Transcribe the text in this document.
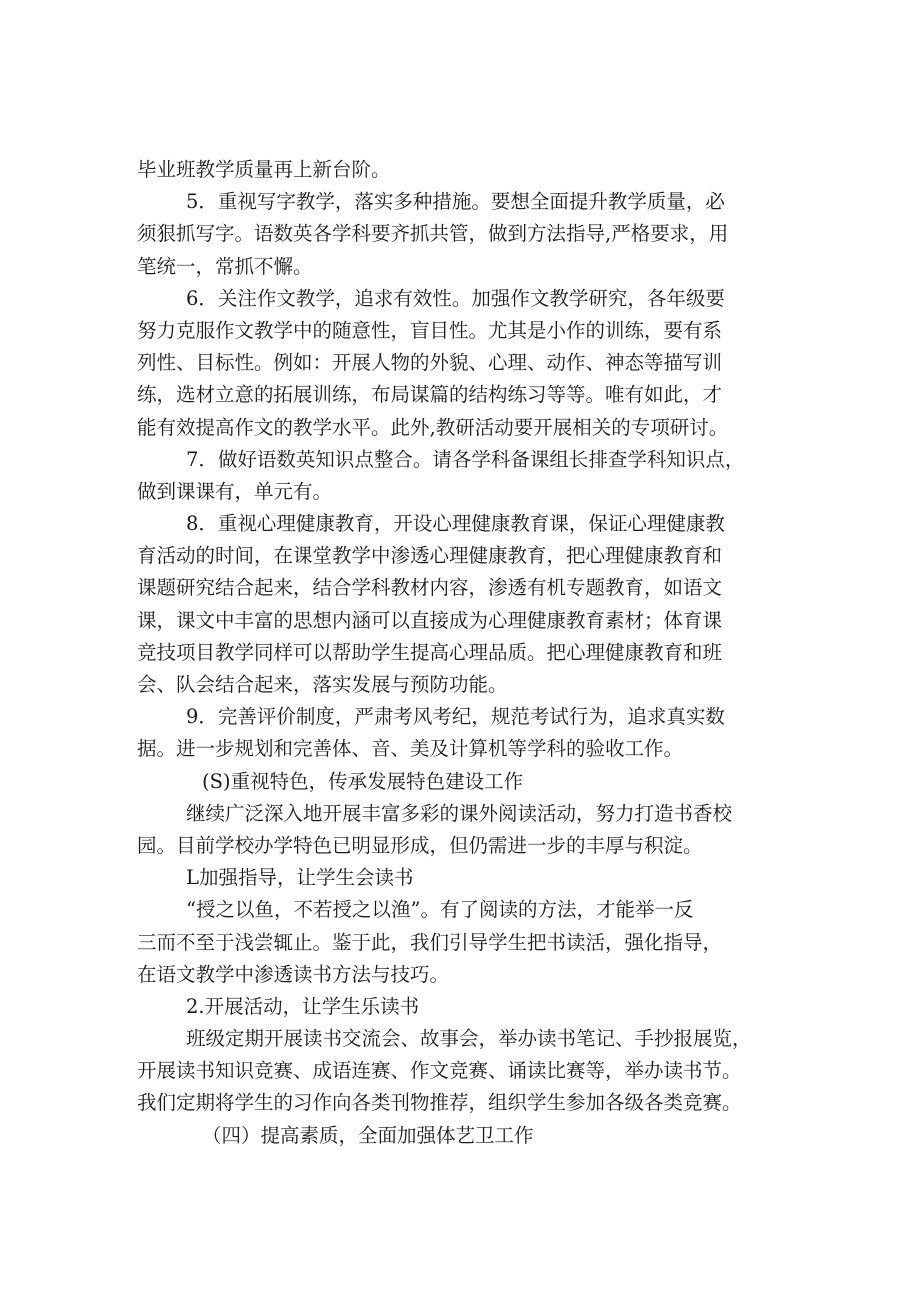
毕业班教学质量再上新台阶。
5．重视写字教学，落实多种措施。要想全面提升教学质量，必
须狠抓写字。语数英各学科要齐抓共管，做到方法指导,严格要求，用
笔统一，常抓不懈。
6．关注作文教学，追求有效性。加强作文教学研究，各年级要
努力克服作文教学中的随意性，盲目性。尤其是小作的训练，要有系
列性、目标性。例如：开展人物的外貌、心理、动作、神态等描写训
练，选材立意的拓展训练，布局谋篇的结构练习等等。唯有如此，才
能有效提高作文的教学水平。此外,教研活动要开展相关的专项研讨。
7．做好语数英知识点整合。请各学科备课组长排查学科知识点，
做到课课有，单元有。
8．重视心理健康教育，开设心理健康教育课，保证心理健康教
育活动的时间，在课堂教学中渗透心理健康教育，把心理健康教育和
课题研究结合起来，结合学科教材内容，渗透有机专题教育，如语文
课，课文中丰富的思想内涵可以直接成为心理健康教育素材；体育课
竞技项目教学同样可以帮助学生提高心理品质。把心理健康教育和班
会、队会结合起来，落实发展与预防功能。
9．完善评价制度，严肃考风考纪，规范考试行为，追求真实数
据。进一步规划和完善体、音、美及计算机等学科的验收工作。
(S)重视特色，传承发展特色建设工作
继续广泛深入地开展丰富多彩的课外阅读活动，努力打造书香校
园。目前学校办学特色已明显形成，但仍需进一步的丰厚与积淀。
L加强指导，让学生会读书
“授之以鱼，不若授之以渔”。有了阅读的方法，才能举一反
三而不至于浅尝辄止。鉴于此，我们引导学生把书读活，强化指导，
在语文教学中渗透读书方法与技巧。
2.开展活动，让学生乐读书
班级定期开展读书交流会、故事会，举办读书笔记、手抄报展览，
开展读书知识竞赛、成语连赛、作文竞赛、诵读比赛等，举办读书节。
我们定期将学生的习作向各类刊物推荐，组织学生参加各级各类竞赛。
（四）提高素质，全面加强体艺卫工作
